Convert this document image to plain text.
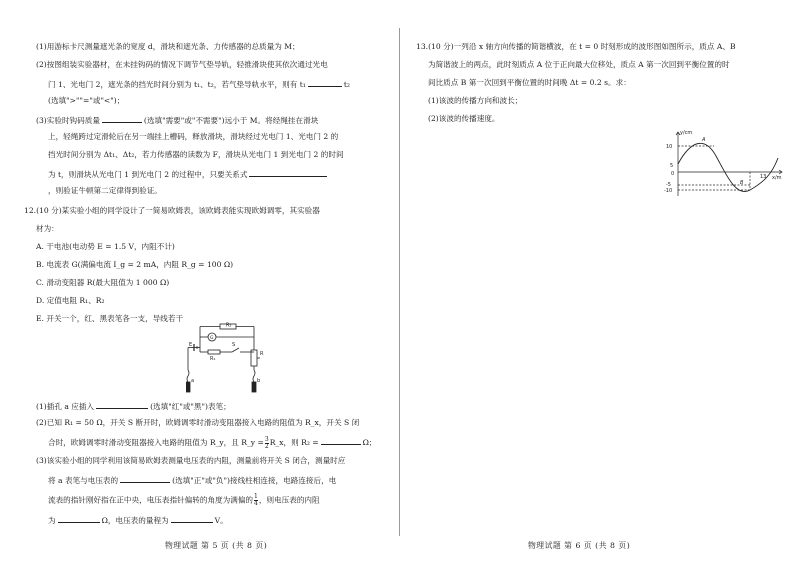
(1)用游标卡尺测量遮光条的宽度 d，滑块和遮光条、力传感器的总质量为 M；
(2)按图组装实验器材，在未挂钩码的情况下调节气垫导轨，轻推滑块使其依次通过光电
门 1、光电门 2，遮光条的挡光时间分别为 t₁、t₂，若气垫导轨水平，则有 t₁	t₂
(选填">""="或"<")；
(3)实验时钩码质量	(选填"需要"或"不需要")远小于 M。将经绳挂在滑块
上，轻绳跨过定滑轮后在另一端挂上槽码，释放滑块，滑块经过光电门 1、光电门 2 的
挡光时间分别为 Δt₁、Δt₂，若力传感器的读数为 F，滑块从光电门 1 到光电门 2 的时间
为 t，则滑块从光电门 1 到光电门 2 的过程中，只要关系式
，则验证牛顿第二定律得到验证。
12.(10 分)某实验小组的同学设计了一简易欧姆表，该欧姆表能实现欧姆调零，其实验器
材为：
A. 干电池(电动势 E = 1.5 V，内阻不计)
B. 电流表 G(满偏电流 I_g = 2 mA，内阻 R_g = 100 Ω)
C. 滑动变阻器 R(最大阻值为 1 000 Ω)
D. 定值电阻 R₁、R₂
E. 开关一个，红、黑表笔各一支，导线若干
R₂
G
E
R₁
S
R
a	b
(1)插孔 a 应插入	(选填"红"或"黑")表笔；
(2)已知 R₁ = 50 Ω，开关 S 断开时，欧姆调零时滑动变阻器接入电路的阻值为 R_x，开关 S 闭
合时，欧姆调零时滑动变阻器接入电路的阻值为 R_y，且 R_y = $\frac{3}{2}$ R_x，则 R₂ =	Ω；
(3)该实验小组的同学利用该简易欧姆表测量电压表的内阻，测量前将开关 S 闭合，测量时应
将 a 表笔与电压表的	(选填"正"或"负")接线柱相连接，电路连接后，电
流表的指针刚好指在正中央，电压表指针偏转的角度为满偏的 $\frac{1}{4}$ ，则电压表的内阻
为	Ω，电压表的量程为	V。
物理试题 第 5 页 (共 8 页)
13.(10 分)一列沿 x 轴方向传播的简谐横波，在 t = 0 时刻形成的波形图如图所示，质点 A、B
为简谐波上的两点，此时刻质点 A 位于正向最大位移处，质点 A 第一次回到平衡位置的时
间比质点 B 第一次回到平衡位置的时间晚 Δt = 0.2 s。求：
(1)该波的传播方向和波长；
(2)该波的传播速度。
y/cm
x/m
10
5
0
-5
-10
A
B
13
物理试题 第 6 页 (共 8 页)
